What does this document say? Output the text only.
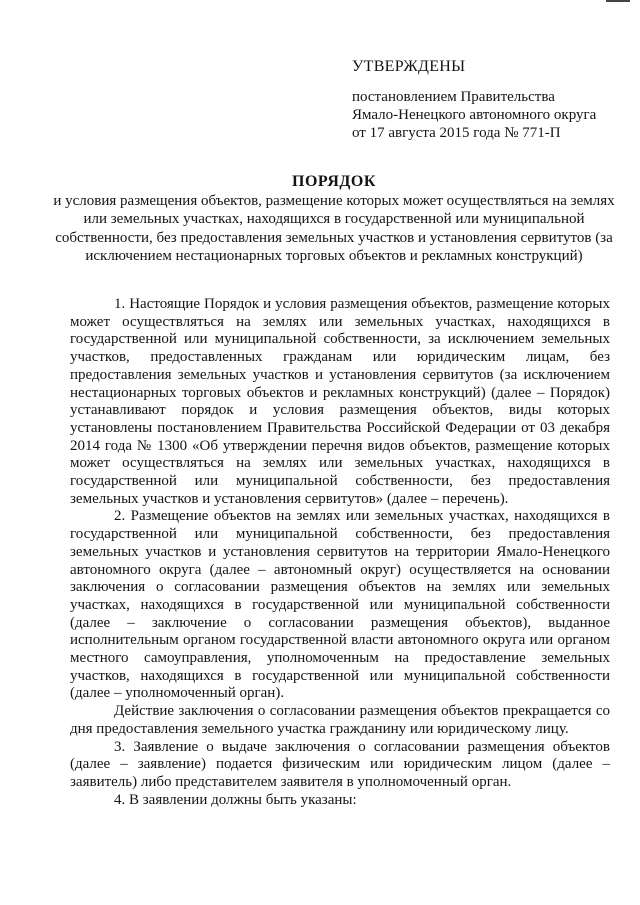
УТВЕРЖДЕНЫ
постановлением Правительства
Ямало-Ненецкого автономного округа
от 17 августа 2015 года № 771-П
ПОРЯДОК
и условия размещения объектов, размещение которых может осуществляться на землях или земельных участках, находящихся в государственной или муниципальной собственности, без предоставления земельных участков и установления сервитутов (за исключением нестационарных торговых объектов и рекламных конструкций)

1. Настоящие Порядок и условия размещения объектов, размещение которых может осуществляться на землях или земельных участках, находящихся в государственной или муниципальной собственности, за исключением земельных участков, предоставленных гражданам или юридическим лицам, без предоставления земельных участков и установления сервитутов (за исключением нестационарных торговых объектов и рекламных конструкций) (далее – Порядок) устанавливают порядок и условия размещения объектов, виды которых установлены постановлением Правительства Российской Федерации от 03 декабря 2014 года № 1300 «Об утверждении перечня видов объектов, размещение которых может осуществляться на землях или земельных участках, находящихся в государственной или муниципальной собственности, без предоставления земельных участков и установления сервитутов» (далее – перечень).

2. Размещение объектов на землях или земельных участках, находящихся в государственной или муниципальной собственности, без предоставления земельных участков и установления сервитутов на территории Ямало-Ненецкого автономного округа (далее – автономный округ) осуществляется на основании заключения о согласовании размещения объектов на землях или земельных участках, находящихся в государственной или муниципальной собственности (далее – заключение о согласовании размещения объектов), выданное исполнительным органом государственной власти автономного округа или органом местного самоуправления, уполномоченным на предоставление земельных участков, находящихся в государственной или муниципальной собственности (далее – уполномоченный орган).

Действие заключения о согласовании размещения объектов прекращается со дня предоставления земельного участка гражданину или юридическому лицу.

3. Заявление о выдаче заключения о согласовании размещения объектов (далее – заявление) подается физическим или юридическим лицом (далее – заявитель) либо представителем заявителя в уполномоченный орган.

4. В заявлении должны быть указаны:
